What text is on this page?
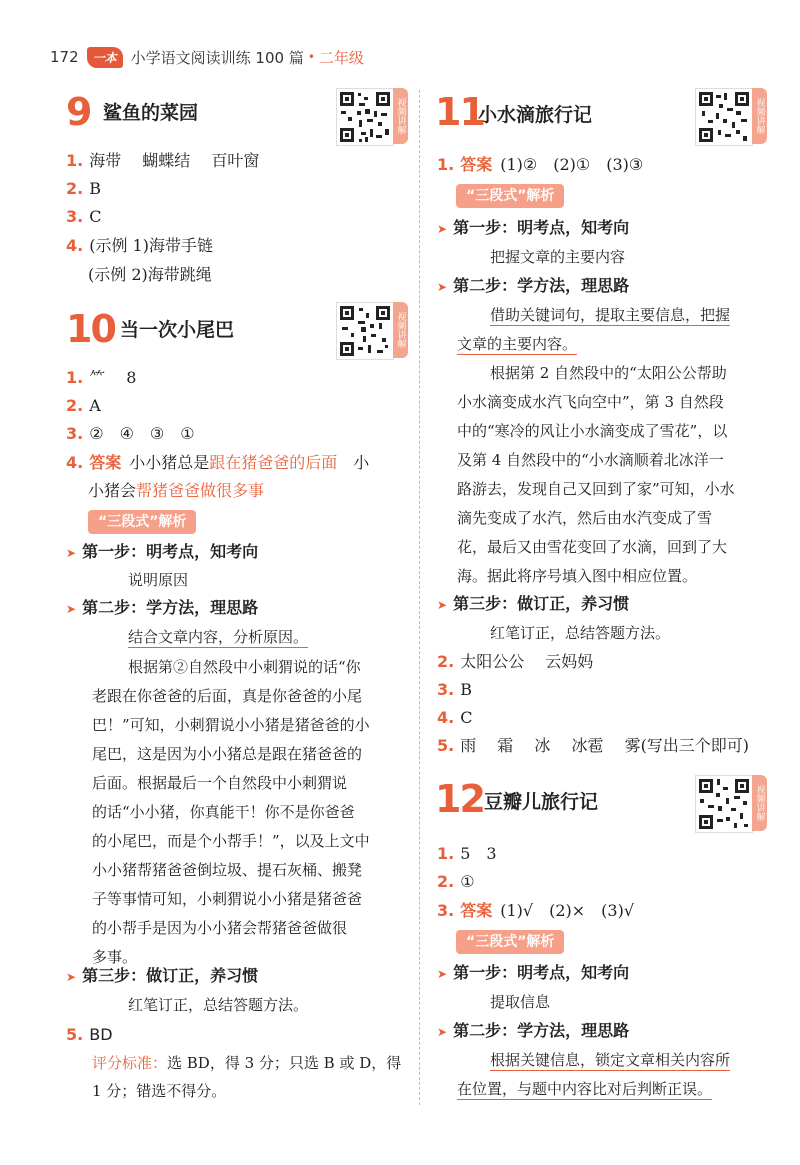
172	一本 小学语文阅读训练 100 篇 • 二年级
9 鲨鱼的菜园	视频讲解
1. 海带　 蝴蝶结　 百叶窗
2. B
3. C
4. (示例 1)海带手链
(示例 2)海带跳绳
10 当一次小尾巴	视频讲解
1. ⺮　 8
2. A
3. ②　④　③　①
4. 答案 小小猪总是跟在猪爸爸的后面　小
小猪会帮猪爸爸做很多事
“三段式”解析
➤ 第一步：明考点，知考向
说明原因
➤ 第二步：学方法，理思路
结合文章内容，分析原因。
根据第②自然段中小刺猬说的话“你
老跟在你爸爸的后面，真是你爸爸的小尾
巴！”可知，小刺猬说小小猪是猪爸爸的小
尾巴，这是因为小小猪总是跟在猪爸爸的
后面。根据最后一个自然段中小刺猬说
的话“小小猪，你真能干！你不是你爸爸
的小尾巴，而是个小帮手！”，以及上文中
小小猪帮猪爸爸倒垃圾、提石灰桶、搬凳
子等事情可知，小刺猬说小小猪是猪爸爸
的小帮手是因为小小猪会帮猪爸爸做很
多事。
➤ 第三步：做订正，养习惯
红笔订正，总结答题方法。
5. BD
评分标准：选 BD，得 3 分；只选 B 或 D，得
1 分；错选不得分。
11
小水滴旅行记	视频讲解
1. 答案 (1)②　(2)①　(3)③
“三段式”解析
➤ 第一步：明考点，知考向
把握文章的主要内容
➤ 第二步：学方法，理思路
借助关键词句，提取主要信息，把握
文章的主要内容。
根据第 2 自然段中的“太阳公公帮助
小水滴变成水汽飞向空中”，第 3 自然段
中的“寒冷的风让小水滴变成了雪花”，以
及第 4 自然段中的“小水滴顺着北冰洋一
路游去，发现自己又回到了家”可知，小水
滴先变成了水汽，然后由水汽变成了雪
花，最后又由雪花变回了水滴，回到了大
海。据此将序号填入图中相应位置。
➤ 第三步：做订正，养习惯
红笔订正，总结答题方法。
2. 太阳公公　 云妈妈
3. B
4. C
5. 雨　 霜　 冰　 冰雹　 雾(写出三个即可)
12 豆瓣儿旅行记	视频讲解
1. 5　3
2. ①
3. 答案 (1)√　(2)×　(3)√
“三段式”解析
➤ 第一步：明考点，知考向
提取信息
➤ 第二步：学方法，理思路
根据关键信息，锁定文章相关内容所
在位置，与题中内容比对后判断正误。
